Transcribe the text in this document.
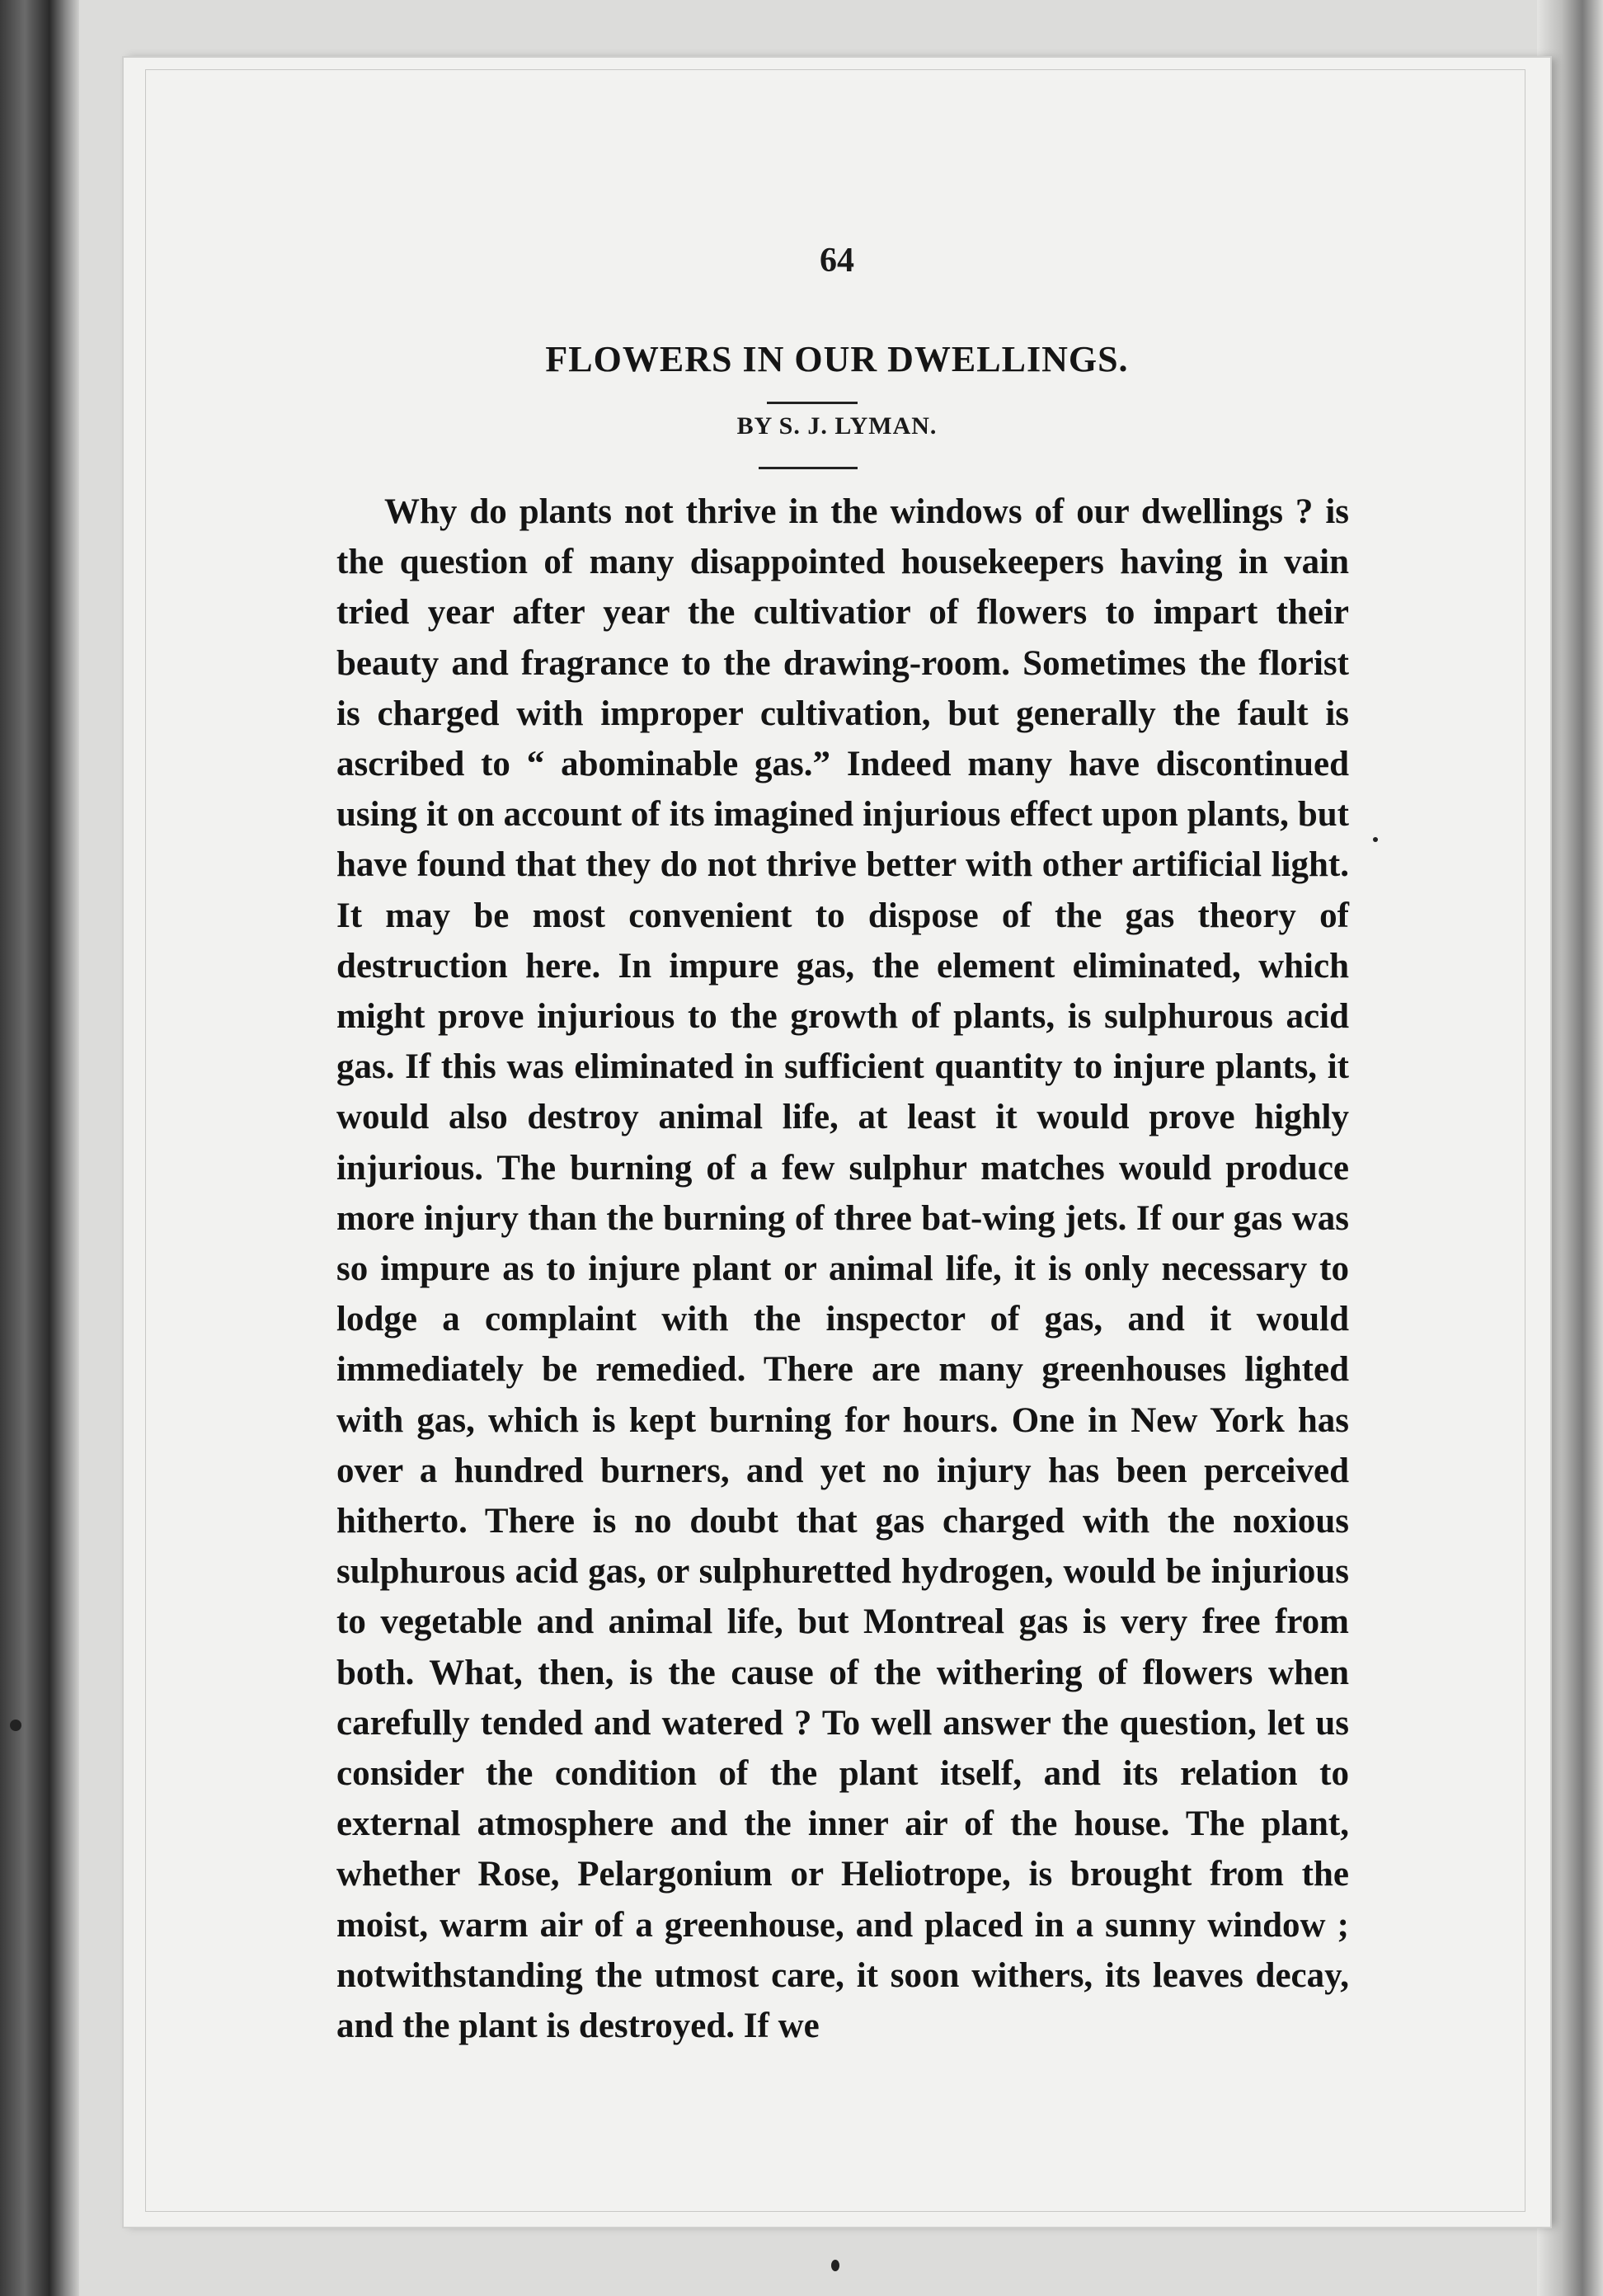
64
FLOWERS IN OUR DWELLINGS.
BY S. J. LYMAN.

Why do plants not thrive in the windows of our dwellings ? is the question of many disappointed housekeepers having in vain tried year after year the cultivatior of flowers to impart their beauty and fragrance to the drawing-room. Sometimes the florist is charged with improper cultivation, but generally the fault is ascribed to “ abominable gas.” Indeed many have discontinued using it on account of its imagined injurious effect upon plants, but have found that they do not thrive better with other artificial light. It may be most convenient to dispose of the gas theory of destruction here. In impure gas, the element eliminated, which might prove injurious to the growth of plants, is sulphurous acid gas. If this was eliminated in sufficient quantity to injure plants, it would also destroy animal life, at least it would prove highly injurious. The burning of a few sulphur matches would produce more injury than the burning of three bat-wing jets. If our gas was so impure as to injure plant or animal life, it is only necessary to lodge a complaint with the inspector of gas, and it would immediately be remedied. There are many greenhouses lighted with gas, which is kept burning for hours. One in New York has over a hundred burners, and yet no injury has been perceived hitherto. There is no doubt that gas charged with the noxious sulphurous acid gas, or sulphuretted hydrogen, would be injurious to vegetable and animal life, but Montreal gas is very free from both. What, then, is the cause of the withering of flowers when carefully tended and watered ? To well answer the question, let us consider the condition of the plant itself, and its relation to external atmosphere and the inner air of the house. The plant, whether Rose, Pelargonium or Heliotrope, is brought from the moist, warm air of a greenhouse, and placed in a sunny window ; notwithstanding the utmost care, it soon withers, its leaves decay, and the plant is destroyed. If we
